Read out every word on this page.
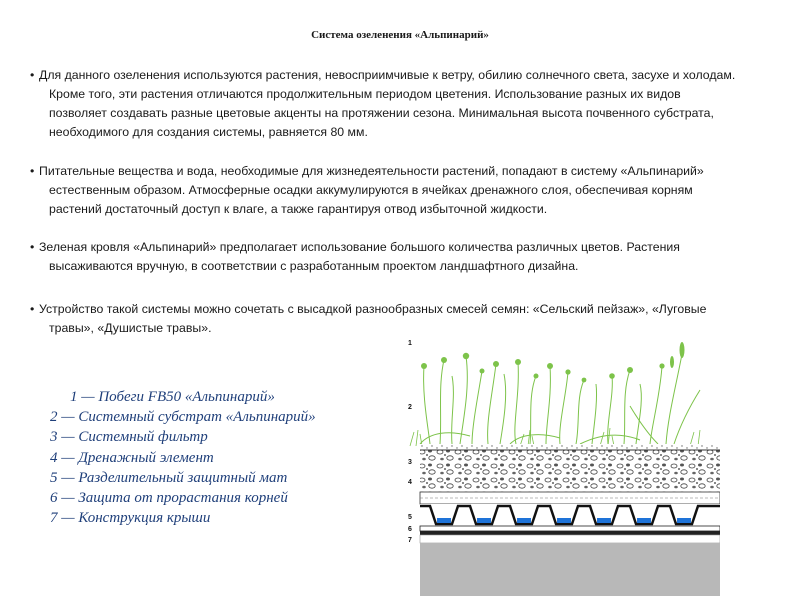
Система озеленения «Альпинарий»
• Для данного озеленения используются растения, невосприимчивые к ветру, обилию солнечного света, засухе и холодам. Кроме того, эти растения отличаются продолжительным периодом цветения. Использование разных их видов позволяет создавать разные цветовые акценты на протяжении сезона. Минимальная высота почвенного субстрата, необходимого для создания системы, равняется 80 мм.
• Питательные вещества и вода, необходимые для жизнедеятельности растений, попадают в систему «Альпинарий» естественным образом. Атмосферные осадки аккумулируются в ячейках дренажного слоя, обеспечивая корням растений достаточный доступ к влаге, а также гарантируя отвод избыточной жидкости.
• Зеленая кровля «Альпинарий» предполагает использование большого количества различных цветов. Растения высаживаются вручную, в соответствии с разработанным проектом ландшафтного дизайна.
• Устройство такой системы можно сочетать с высадкой разнообразных смесей семян: «Сельский пейзаж», «Луговые травы», «Душистые травы».
1 — Побеги FB50 «Альпинарий»
2 — Системный субстрат «Альпинарий»
3 — Системный фильтр
4 — Дренажный элемент
5 — Разделительный защитный мат
6 — Защита от прорастания корней
7 — Конструкция крыши
1
2
3
4
5
6
7
